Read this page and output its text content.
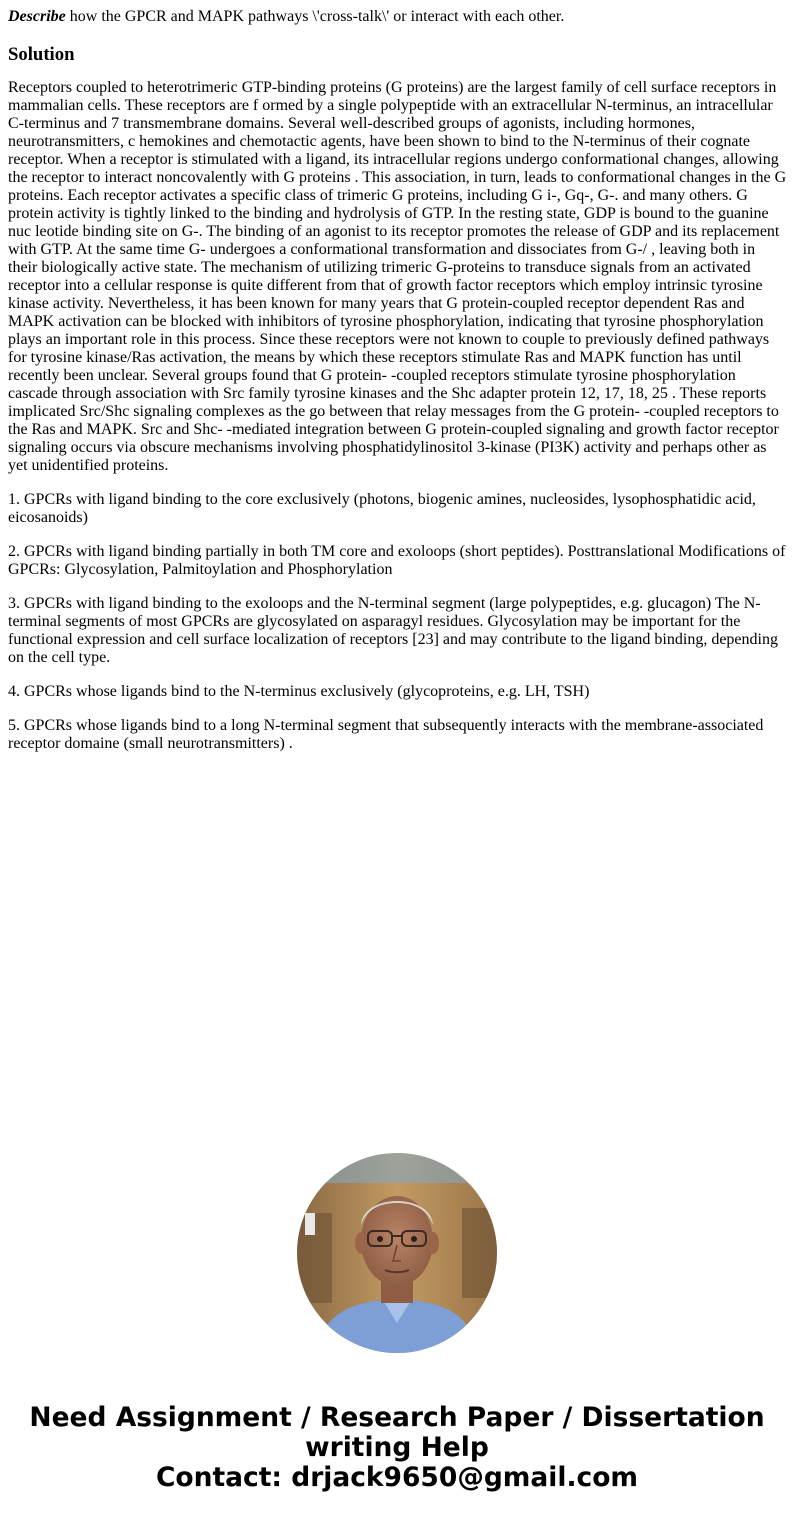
Describe how the GPCR and MAPK pathways \'cross-talk\' or interact with each other.

Solution

Receptors coupled to heterotrimeric GTP-binding proteins (G proteins) are the largest family of cell surface receptors in mammalian cells. These receptors are f ormed by a single polypeptide with an extracellular N-terminus, an intracellular C-terminus and 7 transmembrane domains. Several well-described groups of agonists, including hormones, neurotransmitters, c hemokines and chemotactic agents, have been shown to bind to the N-terminus of their cognate receptor. When a receptor is stimulated with a ligand, its intracellular regions undergo conformational changes, allowing the receptor to interact noncovalently with G proteins . This association, in turn, leads to conformational changes in the G proteins. Each receptor activates a specific class of trimeric G proteins, including G i-, Gq-, G-. and many others. G protein activity is tightly linked to the binding and hydrolysis of GTP. In the resting state, GDP is bound to the guanine nuc leotide binding site on G-. The binding of an agonist to its receptor promotes the release of GDP and its replacement with GTP. At the same time G- undergoes a conformational transformation and dissociates from G-/ , leaving both in their biologically active state. The mechanism of utilizing trimeric G-proteins to transduce signals from an activated receptor into a cellular response is quite different from that of growth factor receptors which employ intrinsic tyrosine kinase activity. Nevertheless, it has been known for many years that G protein-coupled receptor dependent Ras and MAPK activation can be blocked with inhibitors of tyrosine phosphorylation, indicating that tyrosine phosphorylation plays an important role in this process. Since these receptors were not known to couple to previously defined pathways for tyrosine kinase/Ras activation, the means by which these receptors stimulate Ras and MAPK function has until recently been unclear. Several groups found that G protein- -coupled receptors stimulate tyrosine phosphorylation cascade through association with Src family tyrosine kinases and the Shc adapter protein 12, 17, 18, 25 . These reports implicated Src/Shc signaling complexes as the go between that relay messages from the G protein- -coupled receptors to the Ras and MAPK. Src and Shc- -mediated integration between G protein-coupled signaling and growth factor receptor signaling occurs via obscure mechanisms involving phosphatidylinositol 3-kinase (PI3K) activity and perhaps other as yet unidentified proteins.

1. GPCRs with ligand binding to the core exclusively (photons, biogenic amines, nucleosides, lysophosphatidic acid, eicosanoids)

2. GPCRs with ligand binding partially in both TM core and exoloops (short peptides). Posttranslational Modifications of GPCRs: Glycosylation, Palmitoylation and Phosphorylation

3. GPCRs with ligand binding to the exoloops and the N-terminal segment (large polypeptides, e.g. glucagon) The N-terminal segments of most GPCRs are glycosylated on asparagyl residues. Glycosylation may be important for the functional expression and cell surface localization of receptors [23] and may contribute to the ligand binding, depending on the cell type.

4. GPCRs whose ligands bind to the N-terminus exclusively (glycoproteins, e.g. LH, TSH)

5. GPCRs whose ligands bind to a long N-terminal segment that subsequently interacts with the membrane-associated receptor domaine (small neurotransmitters) .

Need Assignment / Research Paper / Dissertation
writing Help
Contact: drjack9650@gmail.com
